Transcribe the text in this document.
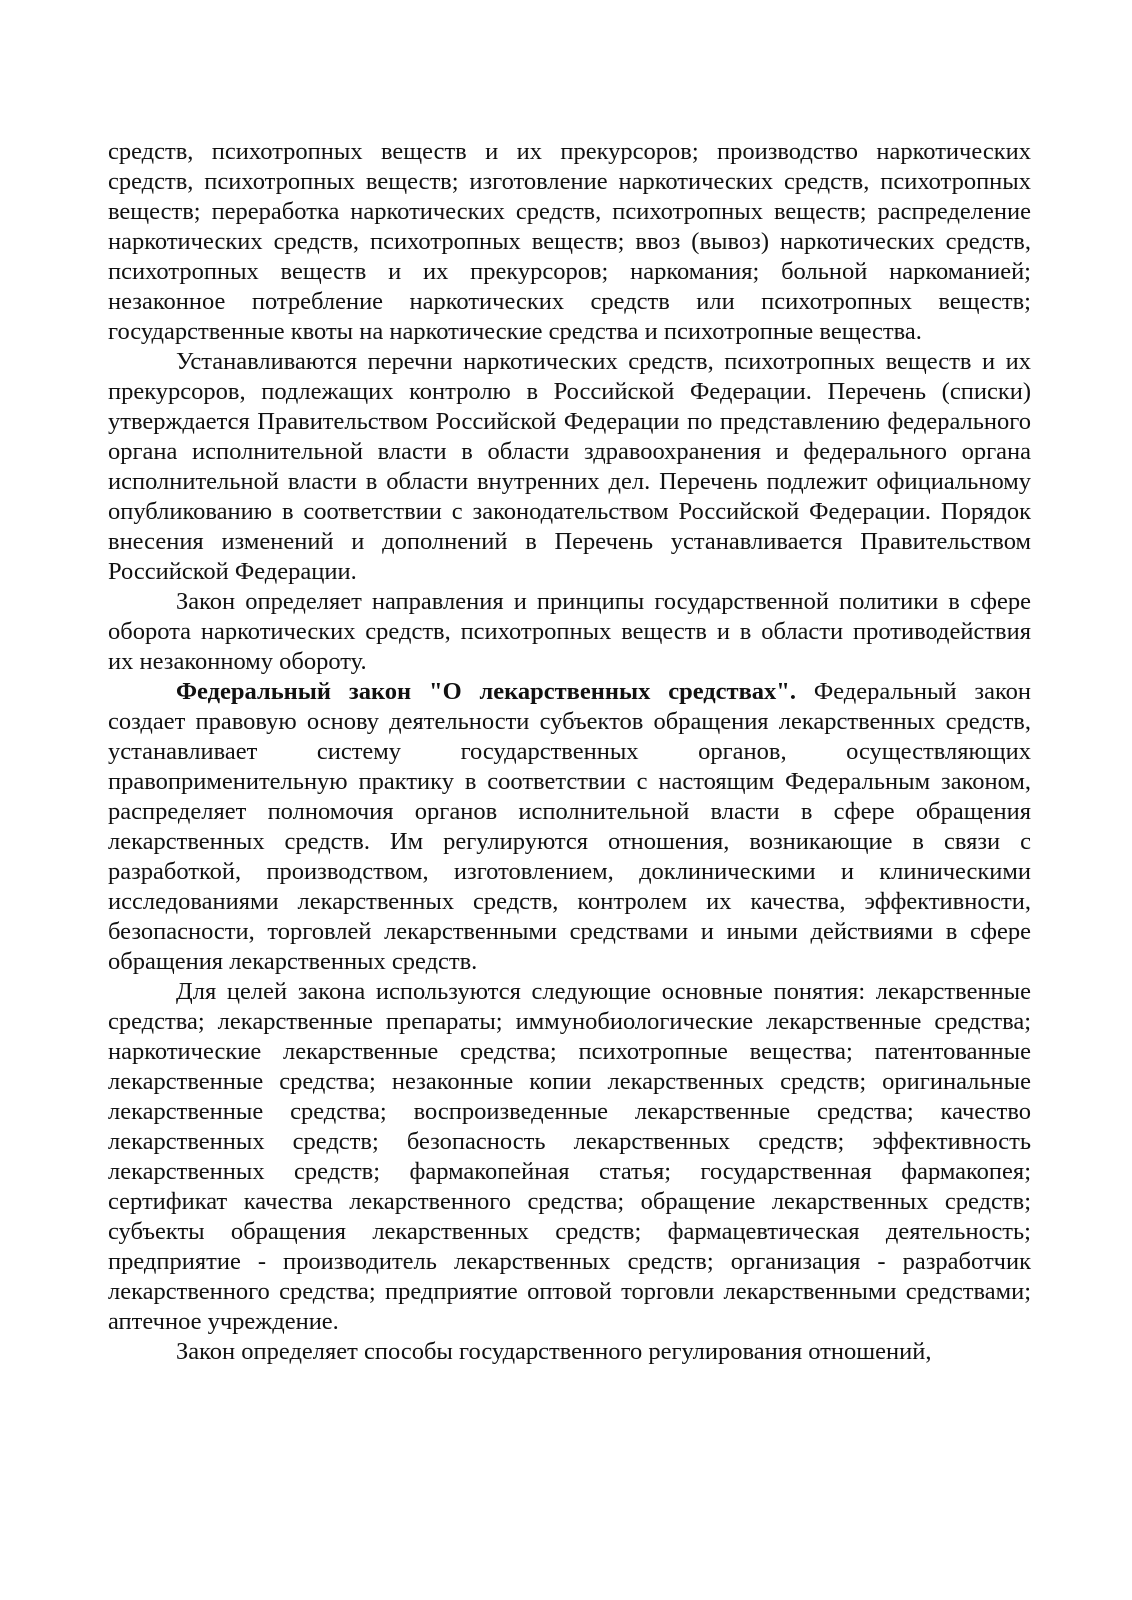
средств, психотропных веществ и их прекурсоров; производство наркотических средств, психотропных веществ; изготовление наркотических средств, психотропных веществ; переработка наркотических средств, психотропных веществ; распределение наркотических средств, психотропных веществ; ввоз (вывоз) наркотических средств, психотропных веществ и их прекурсоров; наркомания; больной наркоманией; незаконное потребление наркотических средств или психотропных веществ; государственные квоты на наркотические средства и психотропные вещества.

Устанавливаются перечни наркотических средств, психотропных веществ и их прекурсоров, подлежащих контролю в Российской Федерации. Перечень (списки) утверждается Правительством Российской Федерации по представлению федерального органа исполнительной власти в области здравоохранения и федерального органа исполнительной власти в области внутренних дел. Перечень подлежит официальному опубликованию в соответствии с законодательством Российской Федерации. Порядок внесения изменений и дополнений в Перечень устанавливается Правительством Российской Федерации.

Закон определяет направления и принципы государственной политики в сфере оборота наркотических средств, психотропных веществ и в области противодействия их незаконному обороту.

Федеральный закон "О лекарственных средствах". Федеральный закон создает правовую основу деятельности субъектов обращения лекарственных средств, устанавливает систему государственных органов, осуществляющих правоприменительную практику в соответствии с настоящим Федеральным законом, распределяет полномочия органов исполнительной власти в сфере обращения лекарственных средств. Им регулируются отношения, возникающие в связи с разработкой, производством, изготовлением, доклиническими и клиническими исследованиями лекарственных средств, контролем их качества, эффективности, безопасности, торговлей лекарственными средствами и иными действиями в сфере обращения лекарственных средств.

Для целей закона используются следующие основные понятия: лекарственные средства; лекарственные препараты; иммунобиологические лекарственные средства; наркотические лекарственные средства; психотропные вещества; патентованные лекарственные средства; незаконные копии лекарственных средств; оригинальные лекарственные средства; воспроизведенные лекарственные средства; качество лекарственных средств; безопасность лекарственных средств; эффективность лекарственных средств; фармакопейная статья; государственная фармакопея; сертификат качества лекарственного средства; обращение лекарственных средств; субъекты обращения лекарственных средств; фармацевтическая деятельность; предприятие - производитель лекарственных средств; организация - разработчик лекарственного средства; предприятие оптовой торговли лекарственными средствами; аптечное учреждение.

Закон определяет способы государственного регулирования отношений,
